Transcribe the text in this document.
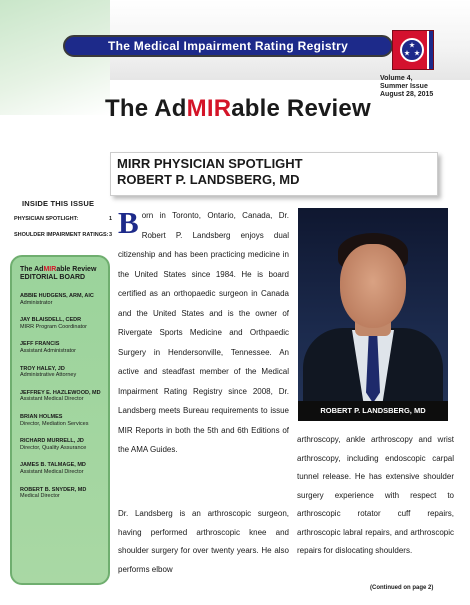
The Medical Impairment Rating Registry
Volume 4,
Summer Issue
August 28, 2015
The AdMIRable Review
MIRR PHYSICIAN SPOTLIGHT
ROBERT P. LANDSBERG, MD
INSIDE THIS ISSUE
PHYSICIAN SPOTLIGHT:	1
SHOULDER IMPAIRMENT RATINGS: 3
The AdMIRable Review
EDITORIAL BOARD
ABBIE HUDGENS, ARM, AIC
Administrator
JAY BLAISDELL, CEDR
MIRR Program Coordinator
JEFF FRANCIS
Assistant Administrator
TROY HALEY, JD
Administrative Attorney
JEFFREY E. HAZLEWOOD, MD
Assistant Medical Director
BRIAN HOLMES
Director, Mediation Services
RICHARD MURRELL, JD
Director, Quality Assurance
JAMES B. TALMAGE, MD
Assistant Medical Director
ROBERT B. SNYDER, MD
Medical Director
Born in Toronto, Ontario, Canada, Dr. Robert P. Landsberg enjoys dual citizenship and has been practicing medicine in the United States since 1984. He is board certified as an orthopaedic surgeon in Canada and the United States and is the owner of Rivergate Sports Medicine and Orthpaedic Surgery in Hendersonville, Tennessee. An active and steadfast member of the Medical Impairment Rating Registry since 2008, Dr. Landsberg meets Bureau requirements to issue MIR Reports in both the 5th and 6th Editions of the AMA Guides.
Dr. Landsberg is an arthroscopic surgeon, having performed arthroscopic knee and shoulder surgery for over twenty years. He also performs elbow
ROBERT P. LANDSBERG, MD
arthroscopy, ankle arthroscopy and wrist arthroscopy, including endoscopic carpal tunnel release. He has extensive shoulder surgery experience with respect to arthroscopic rotator cuff repairs, arthroscopic labral repairs, and arthroscopic repairs for dislocating shoulders.
(Continued on page 2)
